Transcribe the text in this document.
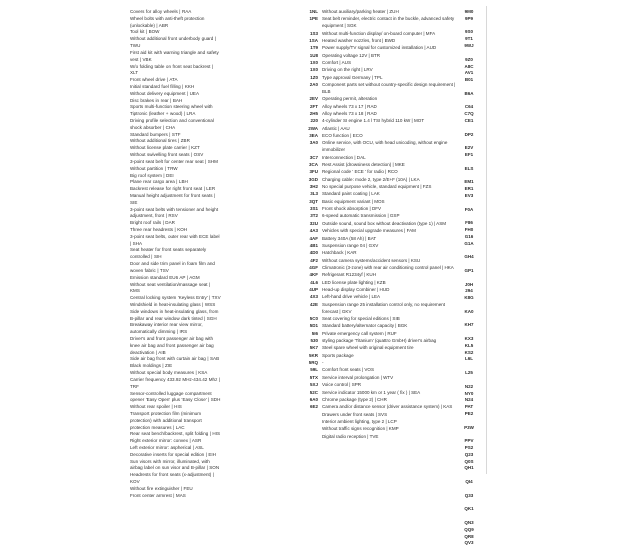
Covers for alloy wheels | RAA
Wheel bolts with anti-theft protection
(unlockable) | ABR
Tool kit | BOW
Without additional front underbody guard |
TWU
First aid kit with warning triangle and safety
vest | VBK
W/o folding table on front seat backrest |
XLT
Front wheel drive | ATA
Initial standard fuel filling | KKH
Without delivery equipment | UEA
Disc brakes in rear | BAH
Sports multi-function steering wheel with
Tiptronic (leather + wood) | LRA
Driving profile selection and conventional
shock absorber | CHA
Standard bumpers | STF
Without additional tires | ZBR
Without license plate carrier | KZT
Without swivelling front seats | OSV
3-point seat belt for center rear seat | SHM
Without partition | TRW
Big roof system | DEI
Plane rear cargo area | LBH
Backrest release for right front seat | LER
Manual height adjustment for front seats |
SIE
3-point seat belts with tensioner and height
adjustment, front | RSV
Bright roof rails | DAR
Three rear headrests | KOH
3-point seat belts, outer rear with ECE label
| SHA
Seat heater for front seats separately
controlled | SIH
Door and side trim panel in foam film and
woven fabric | TSV
Emission standard EU6 AP | AGM
Without seat ventilation/massage seat |
KMS
Central locking system 'Keyless Entry' | TXV
Windshield in heat-insulating glass | WSS
Side windows in heat-insulating glass, from
B-pillar and rear window dark tinted | SGH
Breakaway interior rear view mirror,
automatically dimming | IRS
Driver's and front passenger air bag with
knee air bag and front passenger air bag
deactivation | AIB
Side air bag front with curtain air bag | SAB
Black moldings | ZIE
Without special body measures | KSA
Carrier frequency 433.92 MHz-434.42 Mhz |
TRF
Sensor-controlled luggage compartment
opener 'Easy Open' plus 'Easy Close' | SDH
Without rear spoiler | HIS
Transport protection film (minimum
protection) with additional transport
protection measures | LAC
Rear seat bench/backrest, split folding | HIS
Right exterior mirror: convex | ASR
Left exterior mirror: aspherical | ASL
Decorative inserts for special edition | EIH
Sun visors with mirror, illuminated, with
airbag label on sun visor and B-pillar | SON
Headrests for front seats (x-adjustment) |
KOV
Without fire extinguisher | FEU
Front center armrest | MAS
1NL Without auxiliary/parking heater | ZUH
1PE Seat belt reminder, electric contact in the buckle, advanced safety equipment | SGK
1S3 Without multi-function display/ on-board computer | MFA
1SA Heated washer nozzles, front | BWD
1T9 Power supply/TV signal for customized installation | AUD
1U8 Operating voltage 12V | BTR
1X0 Comfort | AUS
1X0 Driving on the right | LRV
1Z0 Type approval Germany | TPL
2A0 Component parts set without country-specific design requirement | BLB
2EV Operating permit, alteration
2FT Alloy wheels 73 x 17 | RAD
2H5 Alloy wheels 73 x 18 | RAD
220 4-cylinder SI engine 1.4 l TSI hybrid 110 kW | MOT
2WA Atlantic | AAU
3EA ECO function | ECO
3A0 Online service, with OCU, with head unicoding, without engine immobilizer
3C7 Interconnection | DAL
3CA Rest Assist (drowsiness detection) | MKE
3FU Regional code ' ECE ' for radio | RCO
3GD Charging cable: mode 2, type 2/E+F (10A) | LKA
3H2 No special purpose vehicle, standard equipment | FZS
3L3 Standard paint coating | LAK
3QT Basic equipment variant | MOS
3S1 Front shock absorption | DFV
3T2 6-speed automatic transmission | GSP
32U Outside sound, sound box without deactivation (type 1) | ASM
4A3 Vehicles with special upgrade measures | FAM
4AF Battery 340A (58 Ah) | BAT
4B1 Suspension range 04 | GXV
4D0 Hatchback | KAR
4F2 Without camera systems/accident sensors | KSU
4GF Climatronic (3-zone) with rear air conditioning control panel | HKA
4KF Refrigerant R1234yf | KUH
4L6 LED license plate lighting | KZB
4UP Head-up display Combiner | HUD
4X3 Left-hand drive vehicle | LEA
42E Suspension range 25 installation control only, no requirement forecast | GKV
5C0 Seat covering for special editions | SIB
5D1 Standard battery/alternator capacity | BGK
5I6 Private emergency call system | RUF
530 styling package 'Titanium' (quattro GmbH) driver's airbag
5K7 Steel spare wheel with original equipment tire
5KR Sports package
5RQ -
59L Comfort front seats | VOS
5TX Service interval prolongation | WTV
5XJ Voice control | SPR
52C Service indicator 15000 km or 1 year ( fix ) | SEA
6A0 Chrome package (type 2) | CHR
6E2 Camera and/or distance sensor (driver assistance system) | KAS
Drawers under front seats | SVS
Interior ambient lighting, type 2 | LCP
Without traffic signs recognition | KMP
Digital radio reception | TVE
9M0
9P9
9S0
9T1
9WJ
9Z0
A8C
AV1
B01
B6A
C64
C7Q
CE1
DP2
E2V
EF1
ELS
EM1
ER1
EV3
F0A
F86
FH0
G16
G1A
GH4
GP1
J0H
294
K8G
KA0
KH7
KX3
KL5
KS2
L6L
L25
N22
NY0
N24
PAT
PE2
P3W
PPV
PS2
Q23
Q0S
QH1
QI4
Q33
QK1
QN3
QQ9
QR8
QV3
